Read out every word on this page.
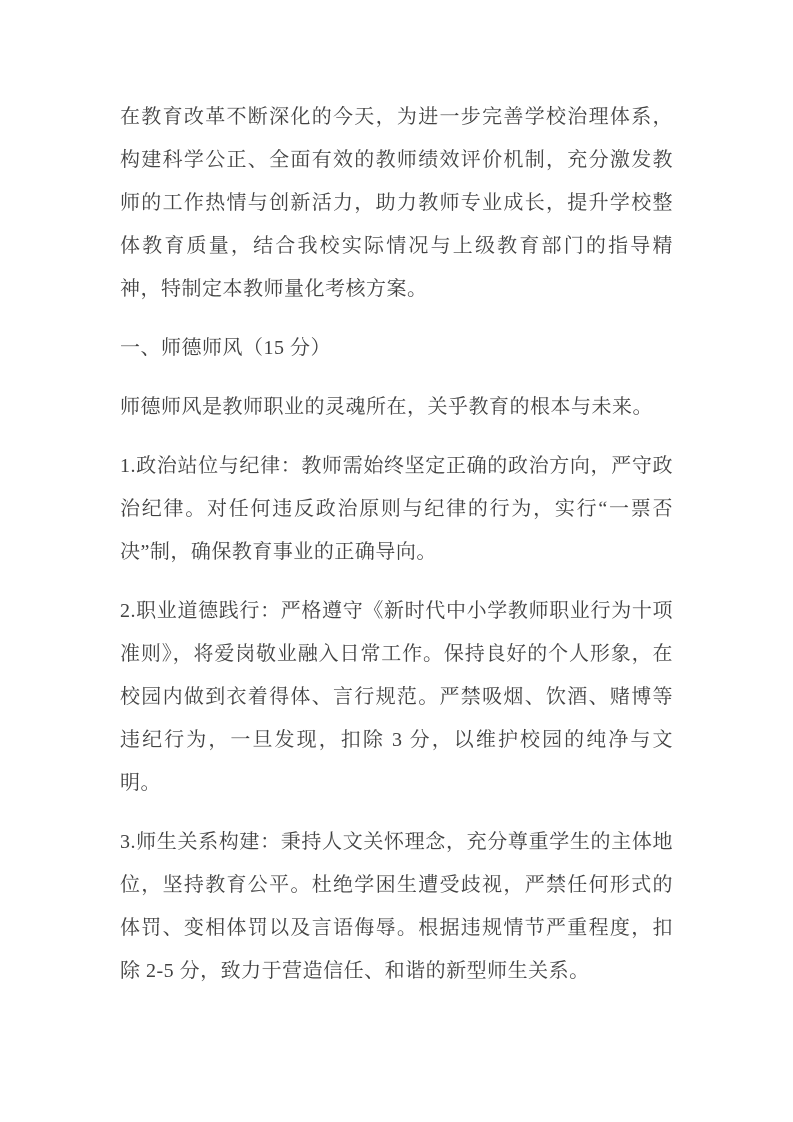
在教育改革不断深化的今天，为进一步完善学校治理体系，构建科学公正、全面有效的教师绩效评价机制，充分激发教师的工作热情与创新活力，助力教师专业成长，提升学校整体教育质量，结合我校实际情况与上级教育部门的指导精神，特制定本教师量化考核方案。

一、师德师风（15 分）

师德师风是教师职业的灵魂所在，关乎教育的根本与未来。

1.政治站位与纪律：教师需始终坚定正确的政治方向，严守政治纪律。对任何违反政治原则与纪律的行为，实行“一票否决”制，确保教育事业的正确导向。

2.职业道德践行：严格遵守《新时代中小学教师职业行为十项准则》，将爱岗敬业融入日常工作。保持良好的个人形象，在校园内做到衣着得体、言行规范。严禁吸烟、饮酒、赌博等违纪行为，一旦发现，扣除 3 分，以维护校园的纯净与文明。

3.师生关系构建：秉持人文关怀理念，充分尊重学生的主体地位，坚持教育公平。杜绝学困生遭受歧视，严禁任何形式的体罚、变相体罚以及言语侮辱。根据违规情节严重程度，扣除 2-5 分，致力于营造信任、和谐的新型师生关系。
